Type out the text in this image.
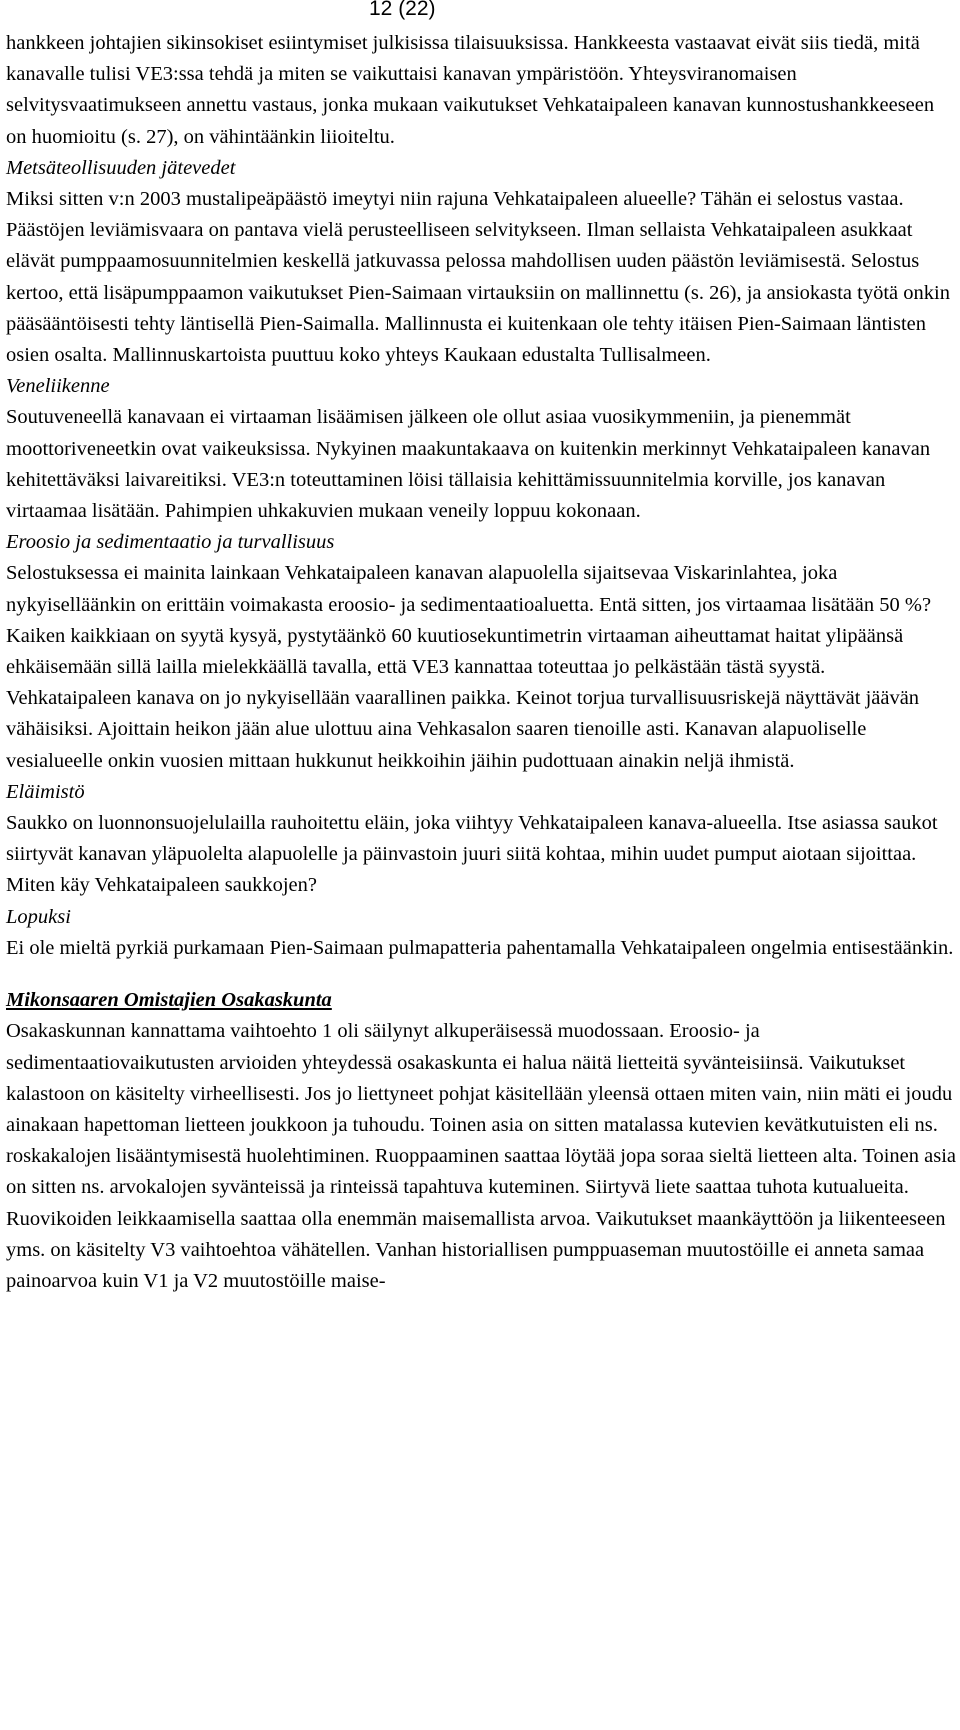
12 (22)

hankkeen johtajien sikinsokiset esiintymiset julkisissa tilaisuuksissa. Hankkeesta vastaavat eivät siis tiedä, mitä kanavalle tulisi VE3:ssa tehdä ja miten se vaikuttaisi kanavan ympäristöön. Yhteysviranomaisen selvitysvaatimukseen annettu vastaus, jonka mukaan vaikutukset Vehkataipaleen kanavan kunnostushankkeeseen on huomioitu (s. 27), on vähintäänkin liioiteltu.

Metsäteollisuuden jätevedet

Miksi sitten v:n 2003 mustalipeäpäästö imeytyi niin rajuna Vehkataipaleen alueelle? Tähän ei selostus vastaa. Päästöjen leviämisvaara on pantava vielä perusteelliseen selvitykseen. Ilman sellaista Vehkataipaleen asukkaat elävät pumppaamosuunnitelmien keskellä jatkuvassa pelossa mahdollisen uuden päästön leviämisestä. Selostus kertoo, että lisäpumppaamon vaikutukset Pien-Saimaan virtauksiin on mallinnettu (s. 26), ja ansiokasta työtä onkin pääsääntöisesti tehty läntisellä Pien-Saimalla. Mallinnusta ei kuitenkaan ole tehty itäisen Pien-Saimaan läntisten osien osalta. Mallinnuskartoista puuttuu koko yhteys Kaukaan edustalta Tullisalmeen.

Veneliikenne

Soutuveneellä kanavaan ei virtaaman lisäämisen jälkeen ole ollut asiaa vuosikymmeniin, ja pienemmät moottoriveneetkin ovat vaikeuksissa. Nykyinen maakuntakaava on kuitenkin merkinnyt Vehkataipaleen kanavan kehitettäväksi laivareitiksi. VE3:n toteuttaminen löisi tällaisia kehittämissuunnitelmia korville, jos kanavan virtaamaa lisätään. Pahimpien uhkakuvien mukaan veneily loppuu kokonaan.

Eroosio ja sedimentaatio ja turvallisuus

Selostuksessa ei mainita lainkaan Vehkataipaleen kanavan alapuolella sijaitsevaa Viskarinlahtea, joka nykyiselläänkin on erittäin voimakasta eroosio- ja sedimentaatioaluetta. Entä sitten, jos virtaamaa lisätään 50 %? Kaiken kaikkiaan on syytä kysyä, pystytäänkö 60 kuutiosekuntimetrin virtaaman aiheuttamat haitat ylipäänsä ehkäisemään sillä lailla mielekkäällä tavalla, että VE3 kannattaa toteuttaa jo pelkästään tästä syystä.

Vehkataipaleen kanava on jo nykyisellään vaarallinen paikka. Keinot torjua turvallisuusriskejä näyttävät jäävän vähäisiksi. Ajoittain heikon jään alue ulottuu aina Vehkasalon saaren tienoille asti. Kanavan alapuoliselle vesialueelle onkin vuosien mittaan hukkunut heikkoihin jäihin pudottuaan ainakin neljä ihmistä.

Eläimistö

Saukko on luonnonsuojelulailla rauhoitettu eläin, joka viihtyy Vehkataipaleen kanava-alueella. Itse asiassa saukot siirtyvät kanavan yläpuolelta alapuolelle ja päinvastoin juuri siitä kohtaa, mihin uudet pumput aiotaan sijoittaa. Miten käy Vehkataipaleen saukkojen?

Lopuksi

Ei ole mieltä pyrkiä purkamaan Pien-Saimaan pulmapatteria pahentamalla Vehkataipaleen ongelmia entisestäänkin.

Mikonsaaren Omistajien Osakaskunta

Osakaskunnan kannattama vaihtoehto 1 oli säilynyt alkuperäisessä muodossaan. Eroosio- ja sedimentaatiovaikutusten arvioiden yhteydessä osakaskunta ei halua näitä liettеitä syvänteisiinsä. Vaikutukset kalastoon on käsitelty virheellisesti. Jos jo liettyneet pohjat käsitellään yleensä ottaen miten vain, niin mäti ei joudu ainakaan hapettoman lietteen joukkoon ja tuhoudu. Toinen asia on sitten matalassa kutevien kevätkutuisten eli ns. roskakalojen lisääntymisestä huolehtiminen. Ruoppaaminen saattaa löytää jopa soraa sieltä lietteen alta. Toinen asia on sitten ns. arvokalojen syvänteissä ja rinteissä tapahtuva kuteminen. Siirtyvä liete saattaa tuhota kutualueita. Ruovikoiden leikkaamisella saattaa olla enemmän maisemallista arvoa. Vaikutukset maankäyttöön ja liikenteeseen yms. on käsitelty V3 vaihtoehtoa vähätellen. Vanhan historiallisen pumppuaseman muutostöille ei anneta samaa painoarvoa kuin V1 ja V2 muutostöille maise-
